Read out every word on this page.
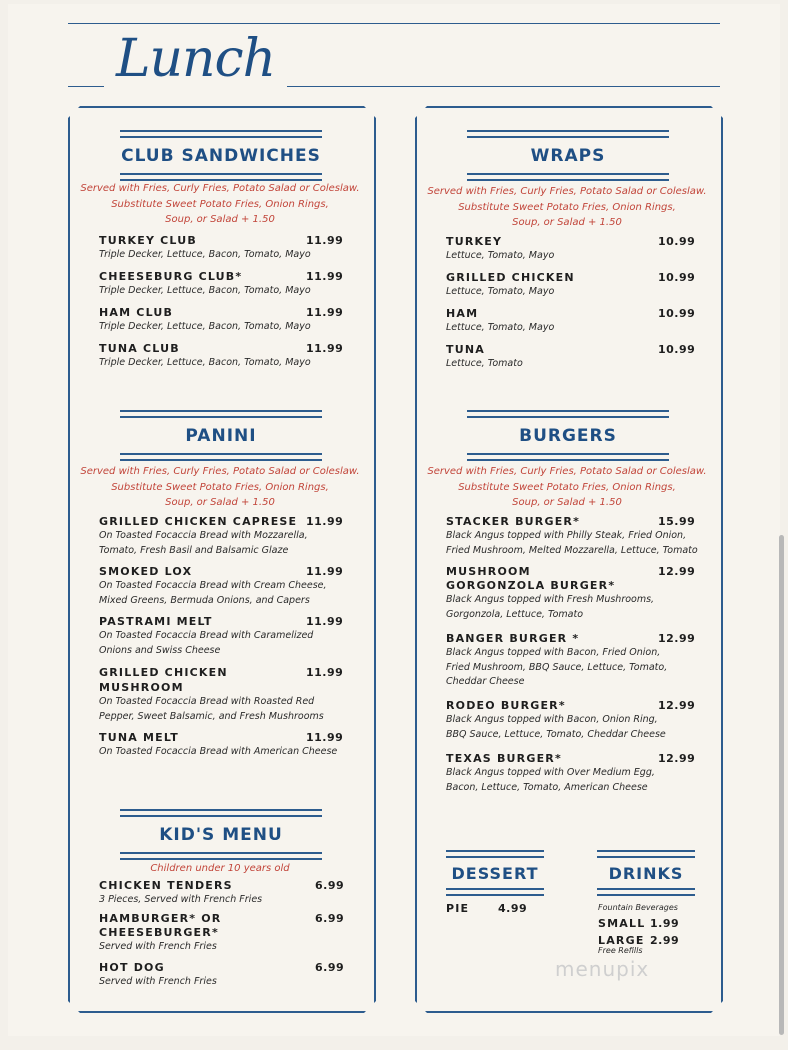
Lunch
CLUB SANDWICHES
Served with Fries, Curly Fries, Potato Salad or Coleslaw.
Substitute Sweet Potato Fries, Onion Rings,
Soup, or Salad + 1.50
TURKEY CLUB
Triple Decker, Lettuce, Bacon, Tomato, Mayo
11.99
CHEESEBURG CLUB*
Triple Decker, Lettuce, Bacon, Tomato, Mayo
11.99
HAM CLUB
Triple Decker, Lettuce, Bacon, Tomato, Mayo
11.99
TUNA CLUB
Triple Decker, Lettuce, Bacon, Tomato, Mayo
11.99
PANINI
Served with Fries, Curly Fries, Potato Salad or Coleslaw.
Substitute Sweet Potato Fries, Onion Rings,
Soup, or Salad + 1.50
GRILLED CHICKEN CAPRESE
On Toasted Focaccia Bread with Mozzarella,
Tomato, Fresh Basil and Balsamic Glaze
11.99
SMOKED LOX
On Toasted Focaccia Bread with Cream Cheese,
Mixed Greens, Bermuda Onions, and Capers
11.99
PASTRAMI MELT
On Toasted Focaccia Bread with Caramelized
Onions and Swiss Cheese
11.99
GRILLED CHICKEN
MUSHROOM
On Toasted Focaccia Bread with Roasted Red
Pepper, Sweet Balsamic, and Fresh Mushrooms
11.99
TUNA MELT
On Toasted Focaccia Bread with American Cheese
11.99
KID'S MENU
Children under 10 years old
CHICKEN TENDERS
3 Pieces, Served with French Fries
6.99
HAMBURGER* OR
CHEESEBURGER*
Served with French Fries
6.99
HOT DOG
Served with French Fries
6.99
WRAPS
Served with Fries, Curly Fries, Potato Salad or Coleslaw.
Substitute Sweet Potato Fries, Onion Rings,
Soup, or Salad + 1.50
TURKEY
Lettuce, Tomato, Mayo
10.99
GRILLED CHICKEN
Lettuce, Tomato, Mayo
10.99
HAM
Lettuce, Tomato, Mayo
10.99
TUNA
Lettuce, Tomato
10.99
BURGERS
Served with Fries, Curly Fries, Potato Salad or Coleslaw.
Substitute Sweet Potato Fries, Onion Rings,
Soup, or Salad + 1.50
STACKER BURGER*
Black Angus topped with Philly Steak, Fried Onion,
Fried Mushroom, Melted Mozzarella, Lettuce, Tomato
15.99
MUSHROOM
GORGONZOLA BURGER*
Black Angus topped with Fresh Mushrooms,
Gorgonzola, Lettuce, Tomato
12.99
BANGER BURGER *
Black Angus topped with Bacon, Fried Onion,
Fried Mushroom, BBQ Sauce, Lettuce, Tomato,
Cheddar Cheese
12.99
RODEO BURGER*
Black Angus topped with Bacon, Onion Ring,
BBQ Sauce, Lettuce, Tomato, Cheddar Cheese
12.99
TEXAS BURGER*
Black Angus topped with Over Medium Egg,
Bacon, Lettuce, Tomato, American Cheese
12.99
DESSERT
PIE	4.99
DRINKS
Fountain Beverages
SMALL 1.99
LARGE 2.99
Free Refills
menupix
